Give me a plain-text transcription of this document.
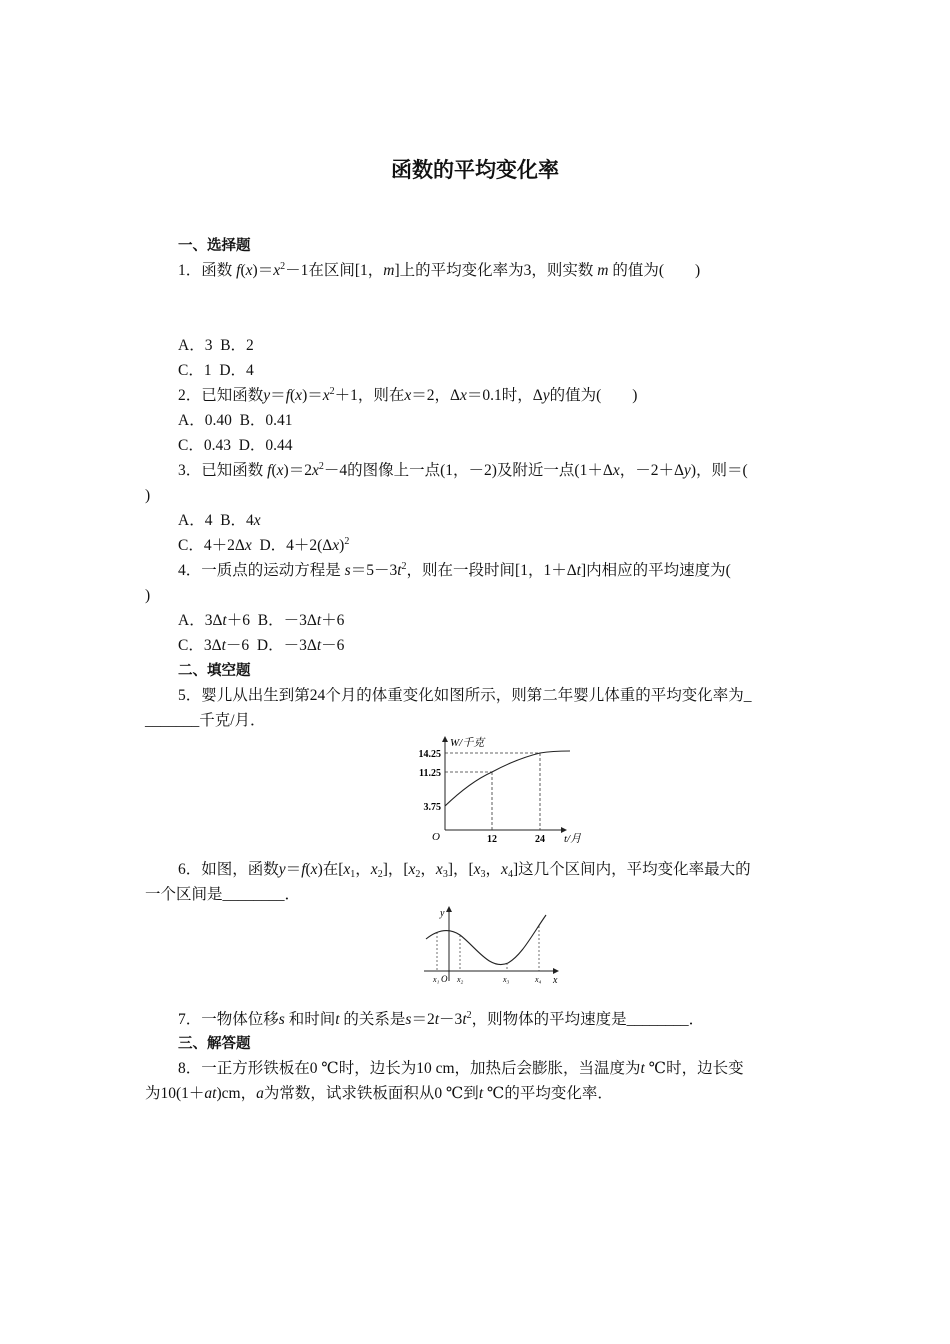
函数的平均变化率
一、选择题
1．函数 $f(x)=x^2-1$在区间[1，m]上的平均变化率为3，则实数 m 的值为(　　)
A．3 B．2
C．1 D．4
2．已知函数$y=f(x)=x^2+1$，则在x＝2，Δx＝0.1时，Δy的值为(　　)
A．0.40 B．0.41
C．0.43 D．0.44
3．已知函数 $f(x)=2x^2-4$的图像上一点(1，－2)及附近一点(1＋Δx，－2＋Δy)，则＝(
)
A．4 B．4x
C．4＋2Δx D．$4+2(\Delta x)^2$
4．一质点的运动方程是 $s=5-3t^2$，则在一段时间[1，1＋Δt]内相应的平均速度为(
)
A．3Δt＋6 B．－3Δt＋6
C．3Δt－6 D．－3Δt－6
二、填空题
5．婴儿从出生到第24个月的体重变化如图所示，则第二年婴儿体重的平均变化率为_
_______千克/月．
W/千克
t/月
O
14.25
11.25
3.75
12	24
6．如图，函数y＝f(x)在[$x_1$，$x_2$]，[$x_2$，$x_3$]，[$x_3$，$x_4$]这几个区间内，平均变化率最大的
一个区间是________．
y
x
x₁ O x₂	x₃	x₄
7．一物体位移s 和时间t 的关系是$s=2t-3t^2$，则物体的平均速度是________．
三、解答题
8．一正方形铁板在0 ℃时，边长为10 cm，加热后会膨胀，当温度为t ℃时，边长变
为10(1＋at)cm，a为常数，试求铁板面积从0 ℃到t ℃的平均变化率．
